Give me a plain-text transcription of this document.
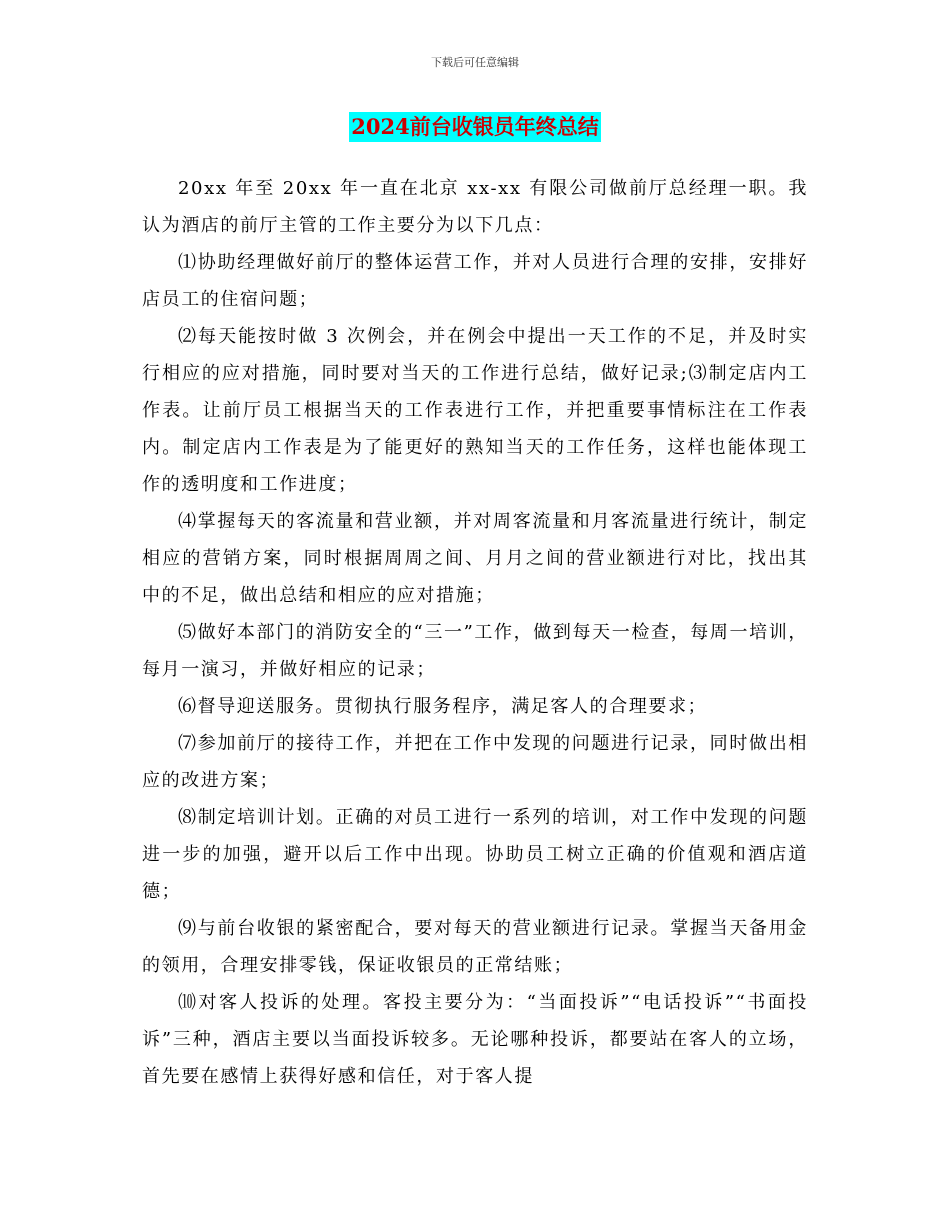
下载后可任意编辑
2024前台收银员年终总结

20xx 年至 20xx 年一直在北京 xx-xx 有限公司做前厅总经理一职。我认为酒店的前厅主管的工作主要分为以下几点：

⑴协助经理做好前厅的整体运营工作，并对人员进行合理的安排，安排好店员工的住宿问题；

⑵每天能按时做 3 次例会，并在例会中提出一天工作的不足，并及时实行相应的应对措施，同时要对当天的工作进行总结，做好记录;⑶制定店内工作表。让前厅员工根据当天的工作表进行工作，并把重要事情标注在工作表内。制定店内工作表是为了能更好的熟知当天的工作任务，这样也能体现工作的透明度和工作进度；

⑷掌握每天的客流量和营业额，并对周客流量和月客流量进行统计，制定相应的营销方案，同时根据周周之间、月月之间的营业额进行对比，找出其中的不足，做出总结和相应的应对措施；

⑸做好本部门的消防安全的“三一”工作，做到每天一检查，每周一培训，每月一演习，并做好相应的记录；

⑹督导迎送服务。贯彻执行服务程序，满足客人的合理要求；

⑺参加前厅的接待工作，并把在工作中发现的问题进行记录，同时做出相应的改进方案；

⑻制定培训计划。正确的对员工进行一系列的培训，对工作中发现的问题进一步的加强，避开以后工作中出现。协助员工树立正确的价值观和酒店道德；

⑼与前台收银的紧密配合，要对每天的营业额进行记录。掌握当天备用金的领用，合理安排零钱，保证收银员的正常结账；

⑽对客人投诉的处理。客投主要分为：“当面投诉”“电话投诉”“书面投诉”三种，酒店主要以当面投诉较多。无论哪种投诉，都要站在客人的立场，首先要在感情上获得好感和信任，对于客人提
